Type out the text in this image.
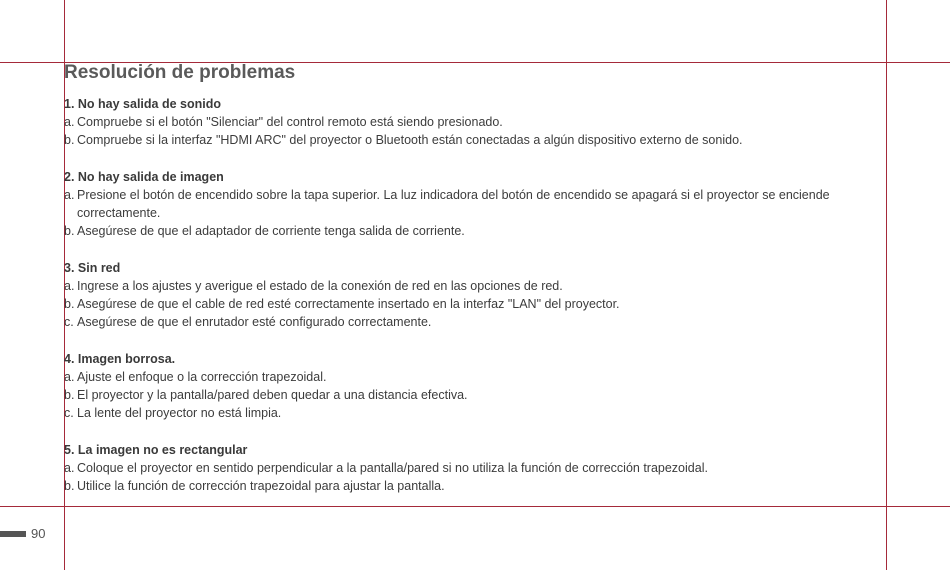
Resolución de problemas
1. No hay salida de sonido
a. Compruebe si el botón "Silenciar" del control remoto está siendo presionado.
b. Compruebe si la interfaz "HDMI ARC" del proyector o Bluetooth están conectadas a algún dispositivo externo de sonido.
2. No hay salida de imagen
a. Presione el botón de encendido sobre la tapa superior. La luz indicadora del botón de encendido se apagará si el proyector se enciende correctamente.
b. Asegúrese de que el adaptador de corriente tenga salida de corriente.
3. Sin red
a. Ingrese a los ajustes y averigue el estado de la conexión de red en las opciones de red.
b. Asegúrese de que el cable de red esté correctamente insertado en la interfaz "LAN" del proyector.
c. Asegúrese de que el enrutador esté configurado correctamente.
4. Imagen borrosa.
a. Ajuste el enfoque o la corrección trapezoidal.
b. El proyector y la pantalla/pared deben quedar a una distancia efectiva.
c. La lente del proyector no está limpia.
5. La imagen no es rectangular
a. Coloque el proyector en sentido perpendicular a la pantalla/pared si no utiliza la función de corrección trapezoidal.
b. Utilice la función de corrección trapezoidal para ajustar la pantalla.
90
